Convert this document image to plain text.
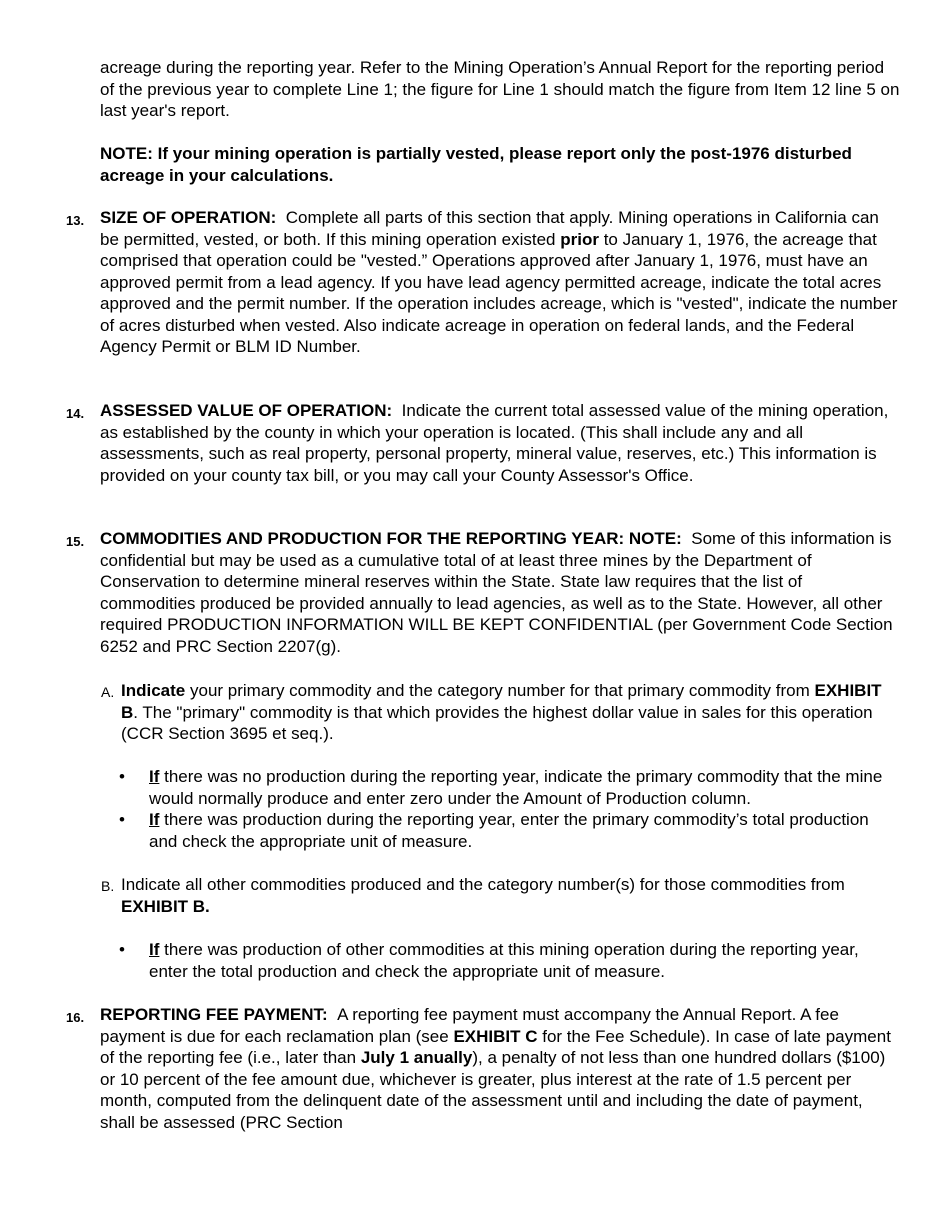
acreage during the reporting year. Refer to the Mining Operation’s Annual Report for the reporting period of the previous year to complete Line 1; the figure for Line 1 should match the figure from Item 12 line 5 on last year's report.

NOTE: If your mining operation is partially vested, please report only the post-1976 disturbed acreage in your calculations.

13. SIZE OF OPERATION: Complete all parts of this section that apply. Mining operations in California can be permitted, vested, or both. If this mining operation existed prior to January 1, 1976, the acreage that comprised that operation could be "vested.” Operations approved after January 1, 1976, must have an approved permit from a lead agency. If you have lead agency permitted acreage, indicate the total acres approved and the permit number. If the operation includes acreage, which is "vested", indicate the number of acres disturbed when vested. Also indicate acreage in operation on federal lands, and the Federal Agency Permit or BLM ID Number.

14. ASSESSED VALUE OF OPERATION: Indicate the current total assessed value of the mining operation, as established by the county in which your operation is located. (This shall include any and all assessments, such as real property, personal property, mineral value, reserves, etc.) This information is provided on your county tax bill, or you may call your County Assessor's Office.

15. COMMODITIES AND PRODUCTION FOR THE REPORTING YEAR: NOTE: Some of this information is confidential but may be used as a cumulative total of at least three mines by the Department of Conservation to determine mineral reserves within the State. State law requires that the list of commodities produced be provided annually to lead agencies, as well as to the State. However, all other required PRODUCTION INFORMATION WILL BE KEPT CONFIDENTIAL (per Government Code Section 6252 and PRC Section 2207(g).

A. Indicate your primary commodity and the category number for that primary commodity from EXHIBIT B. The "primary" commodity is that which provides the highest dollar value in sales for this operation (CCR Section 3695 et seq.).

• If there was no production during the reporting year, indicate the primary commodity that the mine would normally produce and enter zero under the Amount of Production column.

• If there was production during the reporting year, enter the primary commodity’s total production and check the appropriate unit of measure.

B. Indicate all other commodities produced and the category number(s) for those commodities from EXHIBIT B.

• If there was production of other commodities at this mining operation during the reporting year, enter the total production and check the appropriate unit of measure.

16. REPORTING FEE PAYMENT: A reporting fee payment must accompany the Annual Report. A fee payment is due for each reclamation plan (see EXHIBIT C for the Fee Schedule). In case of late payment of the reporting fee (i.e., later than July 1 anually), a penalty of not less than one hundred dollars ($100) or 10 percent of the fee amount due, whichever is greater, plus interest at the rate of 1.5 percent per month, computed from the delinquent date of the assessment until and including the date of payment, shall be assessed (PRC Section
